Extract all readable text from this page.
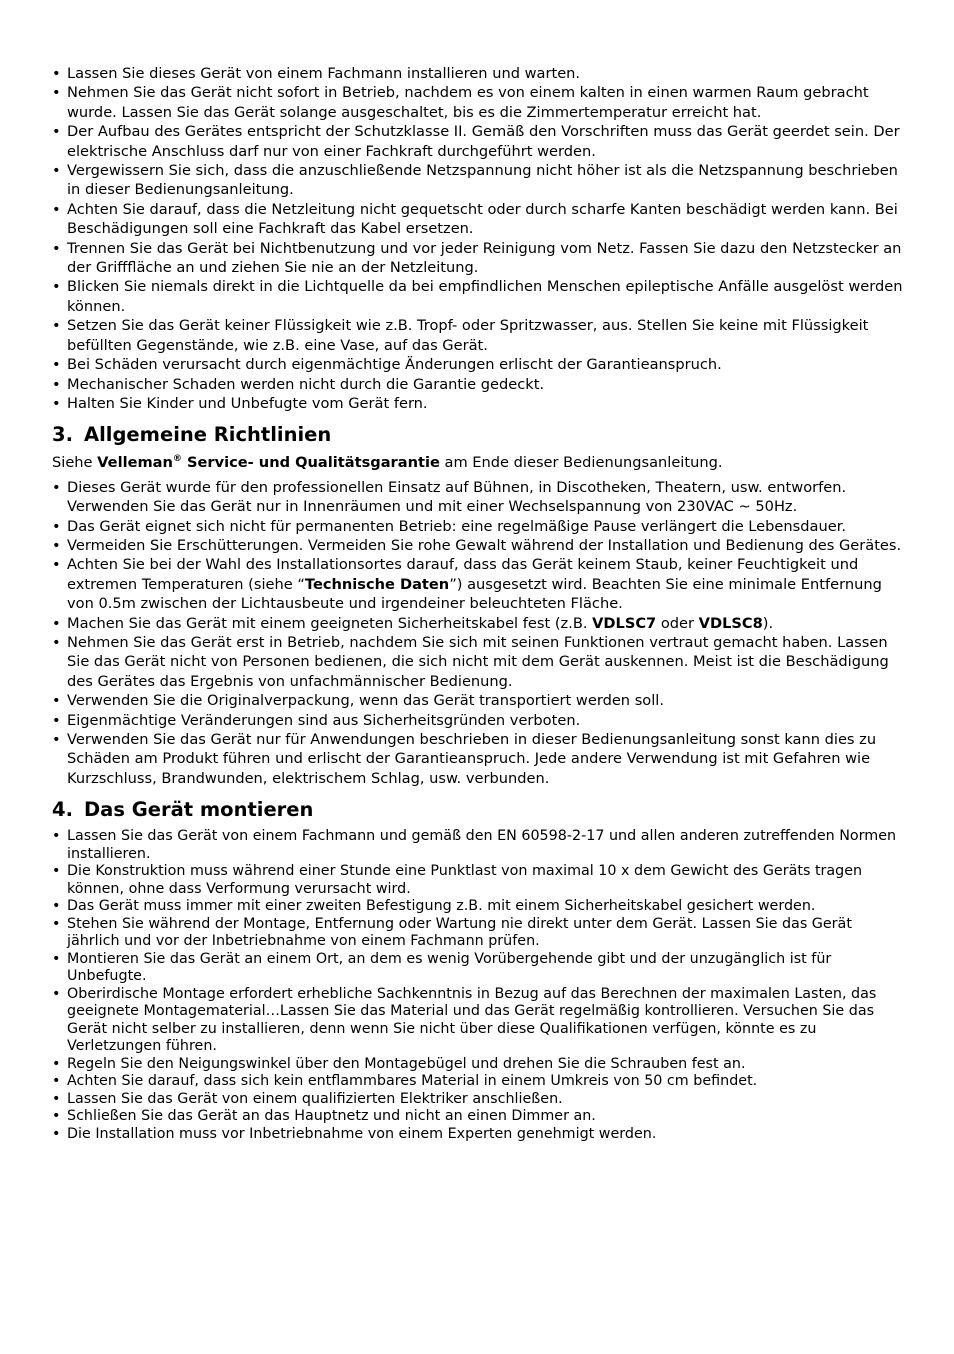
• Lassen Sie dieses Gerät von einem Fachmann installieren und warten.
• Nehmen Sie das Gerät nicht sofort in Betrieb, nachdem es von einem kalten in einen warmen Raum gebracht wurde. Lassen Sie das Gerät solange ausgeschaltet, bis es die Zimmertemperatur erreicht hat.
• Der Aufbau des Gerätes entspricht der Schutzklasse II. Gemäß den Vorschriften muss das Gerät geerdet sein. Der elektrische Anschluss darf nur von einer Fachkraft durchgeführt werden.
• Vergewissern Sie sich, dass die anzuschließende Netzspannung nicht höher ist als die Netzspannung beschrieben in dieser Bedienungsanleitung.
• Achten Sie darauf, dass die Netzleitung nicht gequetscht oder durch scharfe Kanten beschädigt werden kann. Bei Beschädigungen soll eine Fachkraft das Kabel ersetzen.
• Trennen Sie das Gerät bei Nichtbenutzung und vor jeder Reinigung vom Netz. Fassen Sie dazu den Netzstecker an der Grifffläche an und ziehen Sie nie an der Netzleitung.
• Blicken Sie niemals direkt in die Lichtquelle da bei empfindlichen Menschen epileptische Anfälle ausgelöst werden können.
• Setzen Sie das Gerät keiner Flüssigkeit wie z.B. Tropf- oder Spritzwasser, aus. Stellen Sie keine mit Flüssigkeit befüllten Gegenstände, wie z.B. eine Vase, auf das Gerät.
• Bei Schäden verursacht durch eigenmächtige Änderungen erlischt der Garantieanspruch.
• Mechanischer Schaden werden nicht durch die Garantie gedeckt.
• Halten Sie Kinder und Unbefugte vom Gerät fern.
3. Allgemeine Richtlinien

Siehe Velleman® Service- und Qualitätsgarantie am Ende dieser Bedienungsanleitung.

• Dieses Gerät wurde für den professionellen Einsatz auf Bühnen, in Discotheken, Theatern, usw. entworfen. Verwenden Sie das Gerät nur in Innenräumen und mit einer Wechselspannung von 230VAC ~ 50Hz.
• Das Gerät eignet sich nicht für permanenten Betrieb: eine regelmäßige Pause verlängert die Lebensdauer.
• Vermeiden Sie Erschütterungen. Vermeiden Sie rohe Gewalt während der Installation und Bedienung des Gerätes.
• Achten Sie bei der Wahl des Installationsortes darauf, dass das Gerät keinem Staub, keiner Feuchtigkeit und extremen Temperaturen (siehe “Technische Daten”) ausgesetzt wird. Beachten Sie eine minimale Entfernung von 0.5m zwischen der Lichtausbeute und irgendeiner beleuchteten Fläche.
• Machen Sie das Gerät mit einem geeigneten Sicherheitskabel fest (z.B. VDLSC7 oder VDLSC8).
• Nehmen Sie das Gerät erst in Betrieb, nachdem Sie sich mit seinen Funktionen vertraut gemacht haben. Lassen Sie das Gerät nicht von Personen bedienen, die sich nicht mit dem Gerät auskennen. Meist ist die Beschädigung des Gerätes das Ergebnis von unfachmännischer Bedienung.
• Verwenden Sie die Originalverpackung, wenn das Gerät transportiert werden soll.
• Eigenmächtige Veränderungen sind aus Sicherheitsgründen verboten.
• Verwenden Sie das Gerät nur für Anwendungen beschrieben in dieser Bedienungsanleitung sonst kann dies zu Schäden am Produkt führen und erlischt der Garantieanspruch. Jede andere Verwendung ist mit Gefahren wie Kurzschluss, Brandwunden, elektrischem Schlag, usw. verbunden.
4. Das Gerät montieren
• Lassen Sie das Gerät von einem Fachmann und gemäß den EN 60598-2-17 und allen anderen zutreffenden Normen installieren.
• Die Konstruktion muss während einer Stunde eine Punktlast von maximal 10 x dem Gewicht des Geräts tragen können, ohne dass Verformung verursacht wird.
• Das Gerät muss immer mit einer zweiten Befestigung z.B. mit einem Sicherheitskabel gesichert werden.
• Stehen Sie während der Montage, Entfernung oder Wartung nie direkt unter dem Gerät. Lassen Sie das Gerät jährlich und vor der Inbetriebnahme von einem Fachmann prüfen.
• Montieren Sie das Gerät an einem Ort, an dem es wenig Vorübergehende gibt und der unzugänglich ist für Unbefugte.
• Oberirdische Montage erfordert erhebliche Sachkenntnis in Bezug auf das Berechnen der maximalen Lasten, das geeignete Montagematerial…Lassen Sie das Material und das Gerät regelmäßig kontrollieren. Versuchen Sie das Gerät nicht selber zu installieren, denn wenn Sie nicht über diese Qualifikationen verfügen, könnte es zu Verletzungen führen.
• Regeln Sie den Neigungswinkel über den Montagebügel und drehen Sie die Schrauben fest an.
• Achten Sie darauf, dass sich kein entflammbares Material in einem Umkreis von 50 cm befindet.
• Lassen Sie das Gerät von einem qualifizierten Elektriker anschließen.
• Schließen Sie das Gerät an das Hauptnetz und nicht an einen Dimmer an.
• Die Installation muss vor Inbetriebnahme von einem Experten genehmigt werden.
